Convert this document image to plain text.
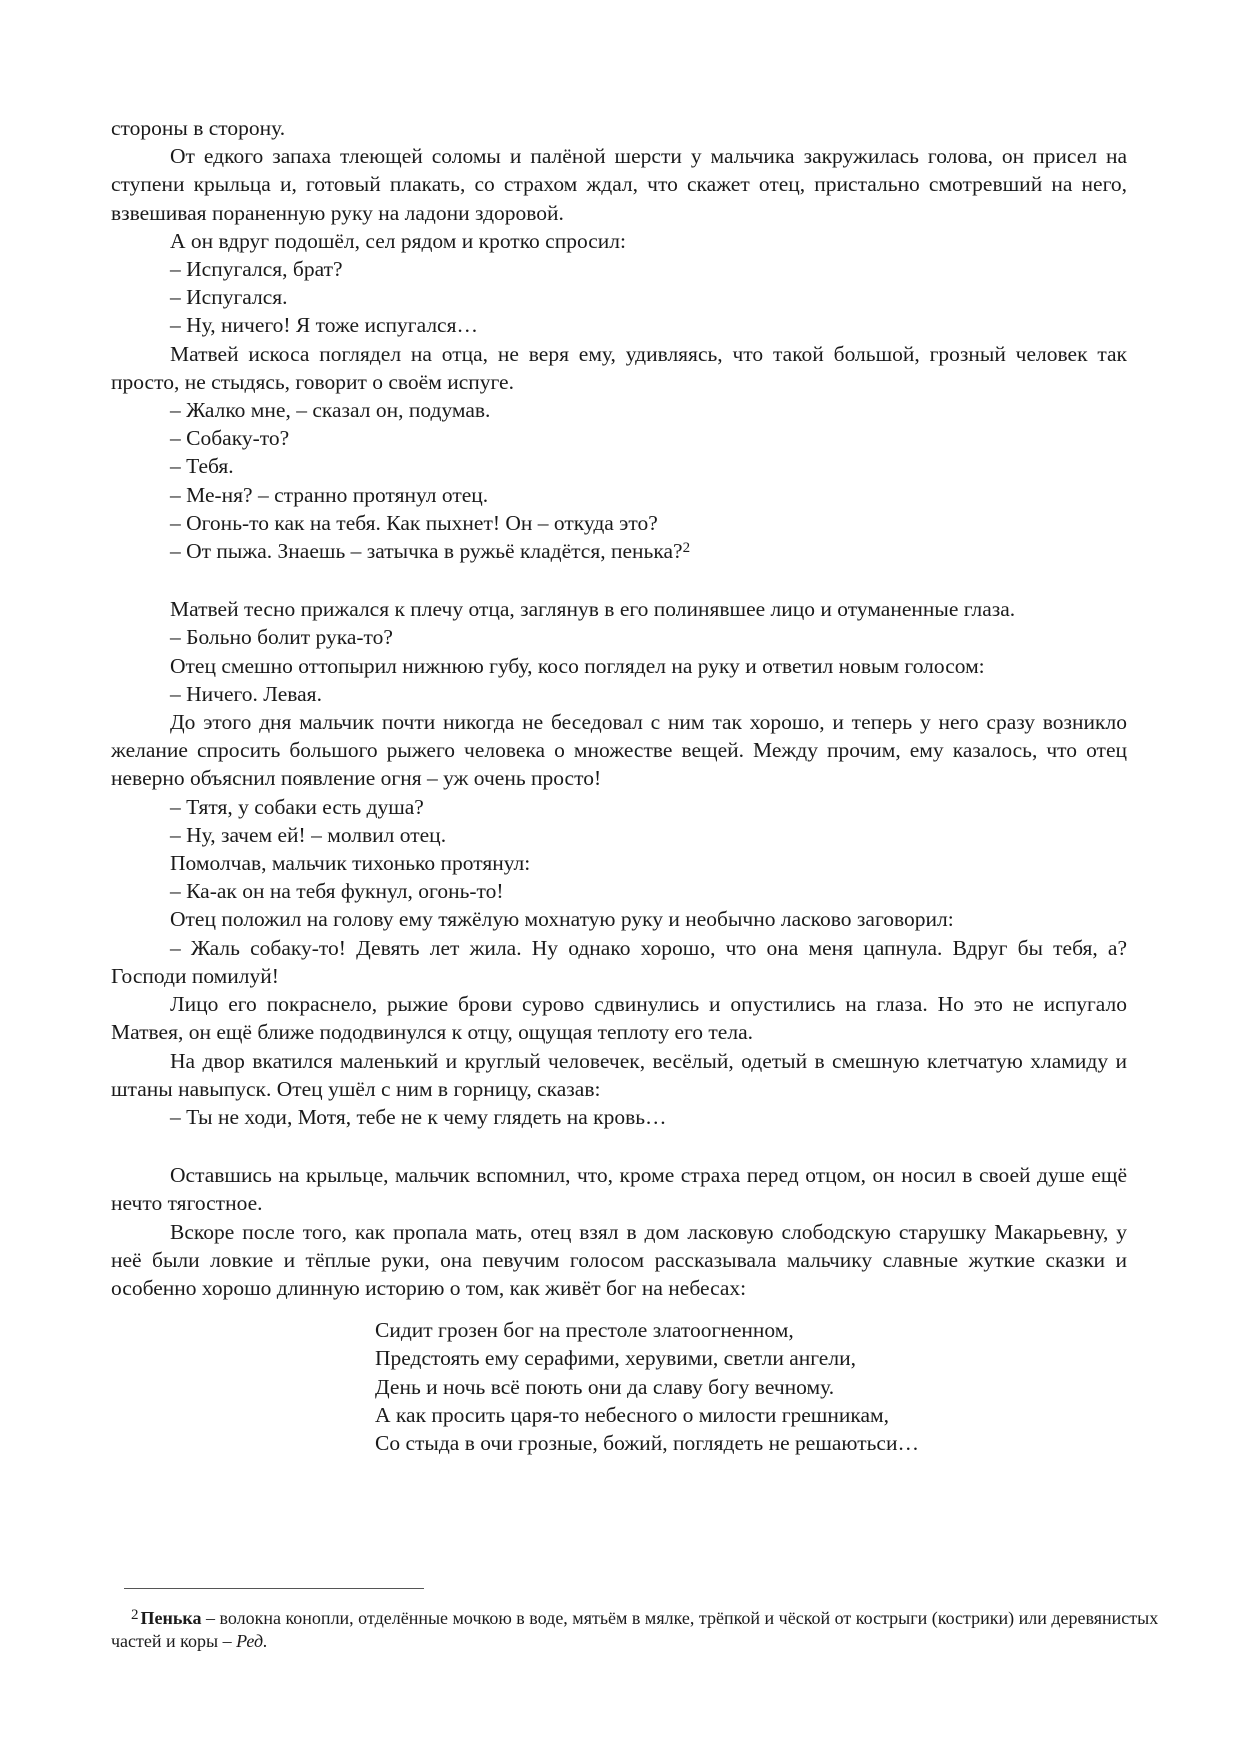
стороны в сторону.

От едкого запаха тлеющей соломы и палёной шерсти у мальчика закружилась голова, он присел на ступени крыльца и, готовый плакать, со страхом ждал, что скажет отец, пристально смотревший на него, взвешивая пораненную руку на ладони здоровой.

А он вдруг подошёл, сел рядом и кротко спросил:

– Испугался, брат?

– Испугался.

– Ну, ничего! Я тоже испугался…

Матвей искоса поглядел на отца, не веря ему, удивляясь, что такой большой, грозный человек так просто, не стыдясь, говорит о своём испуге.

– Жалко мне, – сказал он, подумав.

– Собаку-то?

– Тебя.

– Ме-ня? – странно протянул отец.

– Огонь-то как на тебя. Как пыхнет! Он – откуда это?

– От пыжа. Знаешь – затычка в ружьё кладётся, пенька?$^2$

Матвей тесно прижался к плечу отца, заглянув в его полинявшее лицо и отуманенные глаза.

– Больно болит рука-то?

Отец смешно оттопырил нижнюю губу, косо поглядел на руку и ответил новым голосом:

– Ничего. Левая.

До этого дня мальчик почти никогда не беседовал с ним так хорошо, и теперь у него сразу возникло желание спросить большого рыжего человека о множестве вещей. Между прочим, ему казалось, что отец неверно объяснил появление огня – уж очень просто!

– Тятя, у собаки есть душа?

– Ну, зачем ей! – молвил отец.

Помолчав, мальчик тихонько протянул:

– Ка-ак он на тебя фукнул, огонь-то!

Отец положил на голову ему тяжёлую мохнатую руку и необычно ласково заговорил:

– Жаль собаку-то! Девять лет жила. Ну однако хорошо, что она меня цапнула. Вдруг бы тебя, а? Господи помилуй!

Лицо его покраснело, рыжие брови сурово сдвинулись и опустились на глаза. Но это не испугало Матвея, он ещё ближе пододвинулся к отцу, ощущая теплоту его тела.

На двор вкатился маленький и круглый человечек, весёлый, одетый в смешную клетчатую хламиду и штаны навыпуск. Отец ушёл с ним в горницу, сказав:

– Ты не ходи, Мотя, тебе не к чему глядеть на кровь…

Оставшись на крыльце, мальчик вспомнил, что, кроме страха перед отцом, он носил в своей душе ещё нечто тягостное.

Вскоре после того, как пропала мать, отец взял в дом ласковую слободскую старушку Макарьевну, у неё были ловкие и тёплые руки, она певучим голосом рассказывала мальчику славные жуткие сказки и особенно хорошо длинную историю о том, как живёт бог на небесах:

Сидит грозен бог на престоле златоогненном,
Предстоять ему серафими, херувими, светли ангели,
День и ночь всё поють они да славу богу вечному.
А как просить царя-то небесного о милости грешникам,
Со стыда в очи грозные, божий, поглядеть не решаютьси…
$^2$ Пенька – волокна конопли, отделённые мочкою в воде, мятьём в мялке, трёпкой и чёской от кострыги (кострики) или деревянистых частей и коры – Ред.
